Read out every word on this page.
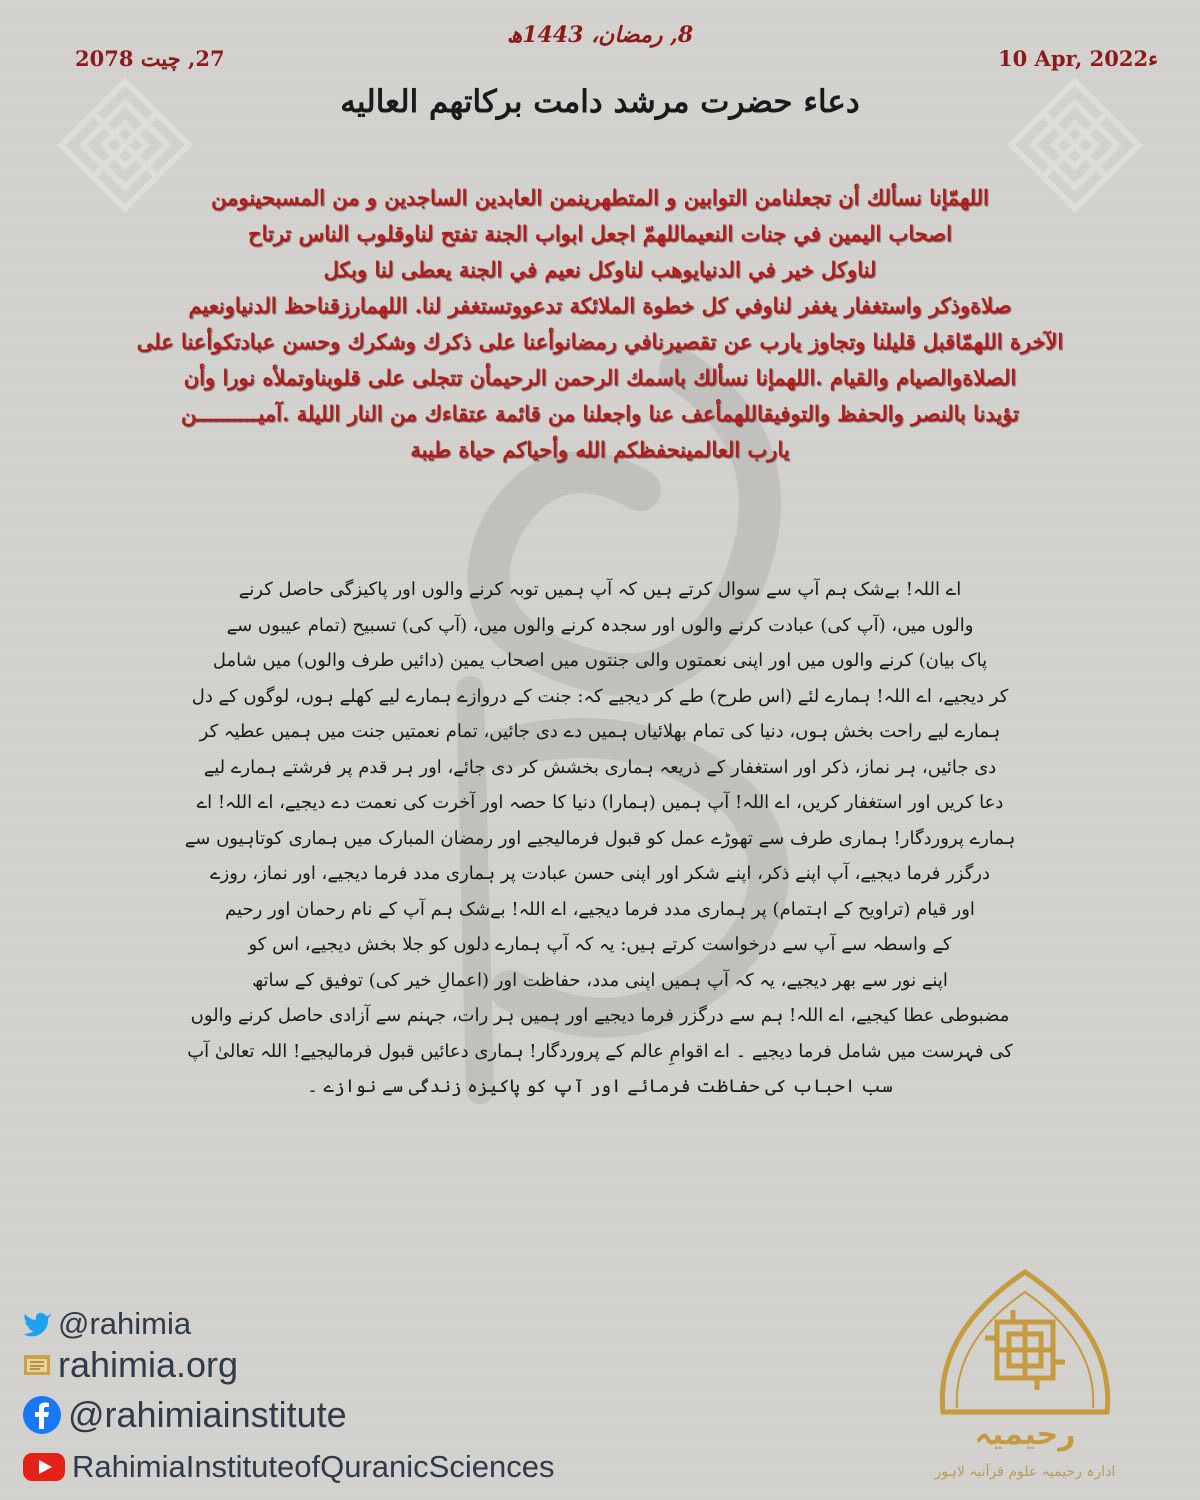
8, رمضان، 1443ھ
10 Apr, 2022ء
27, چیت 2078
دعاء حضرت مرشد دامت برکاتهم العاليه
اللهمّإنا نسألك أن تجعلنامن التوابين و المتطهرينمن العابدين الساجدين و من المسبحينومن
اصحاب اليمين في جنات النعيماللهمّ اجعل ابواب الجنة تفتح لناوقلوب الناس ترتاح
لناوكل خير في الدنيايوهب لناوكل نعيم في الجنة يعطى لنا وبكل
صلاةوذكر واستغفار يغفر لناوفي كل خطوة الملائكة تدعووتستغفر لنا. اللهمارزقناحظ الدنياونعيم
الآخرة اللهمّاقبل قليلنا وتجاوز يارب عن تقصيرنافي رمضانوأعنا على ذكرك وشكرك وحسن عبادتكوأعنا على
الصلاةوالصيام والقيام .اللهمإنا نسألك باسمك الرحمن الرحيمأن تتجلى على قلوبناوتملأه نورا وأن
تؤيدنا بالنصر والحفظ والتوفيقاللهمأعف عنا واجعلنا من قائمة عتقاءك من النار الليلة .آميــــــــــن
يارب العالمينحفظكم الله وأحياكم حياة طيبة
اے اللہ! بےشک ہم آپ سے سوال کرتے ہیں کہ آپ ہمیں توبہ کرنے والوں اور پاکیزگی حاصل کرنے
والوں میں، (آپ کی) عبادت کرنے والوں اور سجدہ کرنے والوں میں، (آپ کی) تسبیح (تمام عیبوں سے
پاک بیان) کرنے والوں میں اور اپنی نعمتوں والی جنتوں میں اصحاب یمین (دائیں طرف والوں) میں شامل
کر دیجیے، اے اللہ! ہمارے لئے (اس طرح) طے کر دیجیے کہ: جنت کے دروازے ہمارے لیے کھلے ہوں، لوگوں کے دل
ہمارے لیے راحت بخش ہوں، دنیا کی تمام بھلائیاں ہمیں دے دی جائیں، تمام نعمتیں جنت میں ہمیں عطیہ کر
دی جائیں، ہر نماز، ذکر اور استغفار کے ذریعہ ہماری بخشش کر دی جائے، اور ہر قدم پر فرشتے ہمارے لیے
دعا کریں اور استغفار کریں، اے اللہ! آپ ہمیں (ہمارا) دنیا کا حصہ اور آخرت کی نعمت دے دیجیے، اے اللہ! اے
ہمارے پروردگار! ہماری طرف سے تھوڑے عمل کو قبول فرمالیجیے اور رمضان المبارک میں ہماری کوتاہیوں سے
درگزر فرما دیجیے، آپ اپنے ذکر، اپنے شکر اور اپنی حسن عبادت پر ہماری مدد فرما دیجیے، اور نماز، روزے
اور قیام (تراویح کے اہتمام) پر ہماری مدد فرما دیجیے، اے اللہ! بےشک ہم آپ کے نام رحمان اور رحیم
کے واسطہ سے آپ سے درخواست کرتے ہیں: یہ کہ آپ ہمارے دلوں کو جلا بخش دیجیے، اس کو
اپنے نور سے بھر دیجیے، یہ کہ آپ ہمیں اپنی مدد، حفاظت اور (اعمالِ خیر کی) توفیق کے ساتھ
مضبوطی عطا کیجیے، اے اللہ! ہم سے درگزر فرما دیجیے اور ہمیں ہر رات، جہنم سے آزادی حاصل کرنے والوں
کی فہرست میں شامل فرما دیجیے ۔ اے اقوامِ عالم کے پروردگار! ہماری دعائیں قبول فرمالیجیے! اللہ تعالیٰ آپ
سب احباب کی حفاظت فرمائے اور آپ کو پاکیزہ زندگی سے نوازے ۔
@rahimia
rahimia.org
@rahimiainstitute
RahimiaInstituteofQuranicSciences
رحیمیہ
ادارہ رحیمیہ علوم قرآنیہ لاہور
